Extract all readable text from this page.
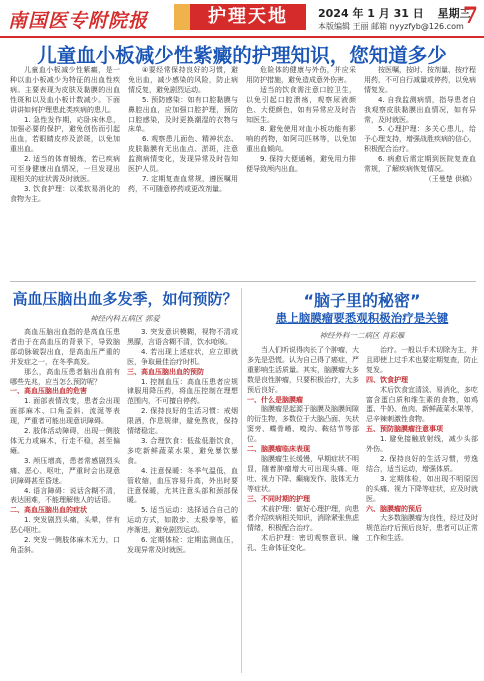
南国医专附院报	护理天地	2024 年 1 月 31 日 星期三
7
本版编辑 王丽 邮箱 nyyzfyb@126.com
儿童血小板减少性紫癜的护理知识，您知道多少

儿童血小板减少性紫癜，是一种以血小板减少为特征的出血性疾病。主要表现为皮肤及黏膜的出血性斑和以及血小板计数减少。下面讲讲如何护理患此类疾病的患儿。

1. 急性发作期，応卧床休息，加强必要的保护，避免创伤而引起出血，若眼睛皮疹及淤斑，以免加重出血。

2. 适当的体育锻炼，若已疾病可至身健康出血情况，一旦发现出现相关的症状需及时就医。

3. 饮食护理：以柔软易消化的食物为主。

④要经常保持良好的习惯，避免出血，减少感染的风险，防止病情反复，避免剧烈运动。

5. 预防感染：如有口腔黏膜与鼻腔出血，应加强口腔护理，预防口腔感染，及时更换潮湿的衣物与床单。

6. 观察患儿面色、精神状态、皮肤黏膜有无出血点、淤斑，注意监测病情变化，发现异常及时告知医护人员。

7. 定期复查血常规，遵医嘱用药，不可随意停药或更改剂量。

危险体的健康与外伤，并应采用防护措施，避免造成意外伤害。

适当的饮食需注意口腔卫生，以免引起口腔溃疡，观察尿液颜色、大便颜色，如有异常应及时告知医生。

8. 避免使用对血小板功能有影响的药物，如阿司匹林等，以免加重出血倾向。

9. 保持大便通畅，避免用力排便导致颅内出血。

按医嘱，按时、按剂量、按疗程用药，不可自行减量或停药，以免病情复发。

4. 自我监测病情，指导患者自我观察皮肤黏膜出血情况，如有异常，及时就医。

5. 心理护理：多关心患儿，给予心理支持，增强战胜疾病的信心，积极配合治疗。

6. 病愈后需定期到医院复查血常规，了解疾病恢复情况。

（王曼楚 供稿）

高血压脑出血多发季，如何预防？
神经内科五病区 郭爱

高血压脑出血指的是高血压患者由于在高血压的背景下，导致脑部动脉破裂出血，是高血压严重的并发症之一，在冬季高发。

那么，高血压患者脑出血前有哪些先兆，应当怎么预防呢？

一、高血压脑出血的危害

1. 面部表情改变，患者会出现面部麻木、口角歪斜、流涎等表现，严重者可能出现意识障碍。

2. 肢体活动障碍，出现一侧肢体无力或麻木，行走不稳，甚至偏瘫。

3. 颅压增高，患者常感剧烈头痛、恶心、呕吐，严重时会出现意识障碍甚至昏迷。

4. 语言障碍：说话含糊不清，表达困难，不能理解他人的话语。

二、高血压脑出血的症状

1. 突发剧烈头痛，头晕，伴有恶心呕吐。

2. 突发一侧肢体麻木无力，口角歪斜。

3. 突发意识模糊，视物不清或黑朦，言语含糊不清，饮水呛咳。

4. 若出现上述症状，应立即就医，争取最佳治疗时机。

三、高血压脑出血的预防

1. 控制血压：高血压患者应规律服用降压药，将血压控制在理想范围内，不可擅自停药。

2. 保持良好的生活习惯：戒烟限酒，作息规律，避免熬夜，保持情绪稳定。

3. 合理饮食：低盐低脂饮食，多吃新鲜蔬菜水果，避免暴饮暴食。

4. 注意保暖：冬季气温低，血管收缩，血压容易升高，外出时要注意保暖，尤其注意头部和颈部保暖。

5. 适当运动：选择适合自己的运动方式，如散步、太极拳等，循序渐进，避免剧烈运动。

6. 定期体检：定期监测血压，发现异常及时就医。

“脑子里的秘密”
患上脑膜瘤要悉观积极治疗是关键
神经外科一二病区 肖彩雁

当人们听说得肉长了个肿瘤，大多先是恐慌。认为自己得了癌症，严重影响生活质量。其实，脑膜瘤大多数是良性肿瘤，只要积极治疗，大多预后良好。

一、什么是脑膜瘤

脑膜瘤是起源于脑膜及脑膜间隙的衍生物，多数位于大脑凸面、矢状窦旁、蝶骨嵴、嗅沟、鞍结节等部位。

二、脑膜瘤临床表现

脑膜瘤生长缓慢，早期症状不明显，随着肿瘤增大可出现头痛、呕吐、视力下降、癫痫发作、肢体无力等症状。

三、不同时期的护理

术前护理：做好心理护理，向患者介绍疾病相关知识，消除紧张焦虑情绪，积极配合治疗。

术后护理：密切观察意识、瞳孔、生命体征变化。

治疗。一般以手术切除为主，并且即使上过手术也要定期复查，防止复发。

四、饮食护理

术后饮食宜清淡、易消化，多吃富含蛋白质和维生素的食物，如鸡蛋、牛奶、鱼肉、新鲜蔬菜水果等，忌辛辣刺激性食物。

五、预防脑膜瘤注意事项

1. 避免接触放射线，减少头部外伤。

2. 保持良好的生活习惯，劳逸结合，适当运动，增强体质。

3. 定期体检，如出现不明原因的头痛、视力下降等症状，应及时就医。

六、脑膜瘤的预后

大多数脑膜瘤为良性，经过及时规范治疗后预后良好，患者可以正常工作和生活。
